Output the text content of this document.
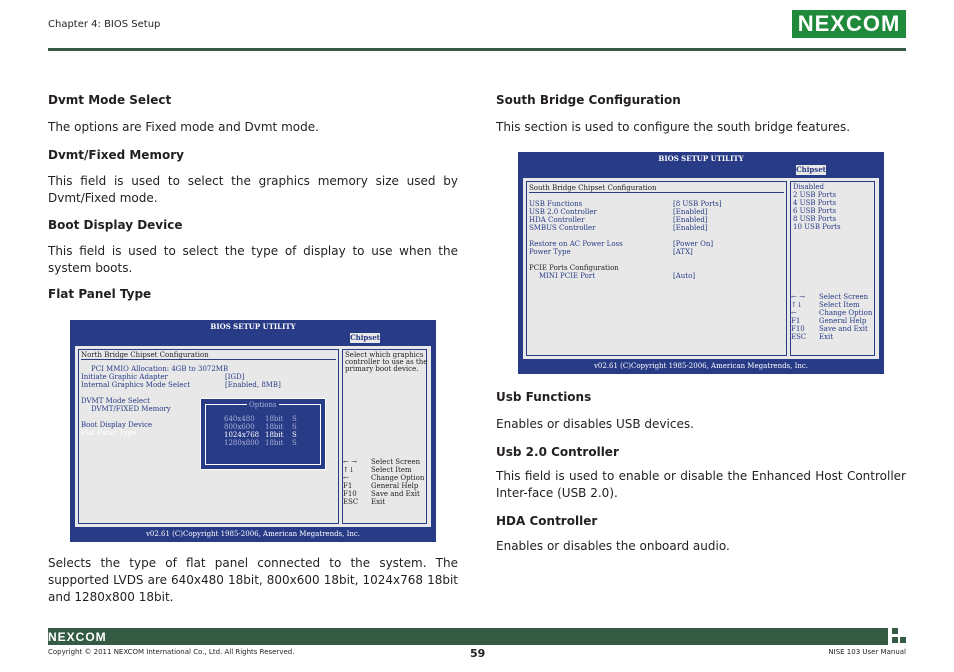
Chapter 4: BIOS Setup	NEXCOM
Dvmt Mode Select
The options are Fixed mode and Dvmt mode.
Dvmt/Fixed Memory
This field is used to select the graphics memory size used by Dvmt/Fixed mode.
Boot Display Device
This field is used to select the type of display to use when the system boots.
Flat Panel Type
BIOS SETUP UTILITY
Chipset
North Bridge Chipset Configuration
PCI MMIO Allocation: 4GB to 3072MB
Initiate Graphic Adapter	[IGD]
Internal Graphics Mode Select	[Enabled, 8MB]
DVMT Mode Select
DVMT/FIXED Memory
Boot Display Device
Flat Panel Type
Select which graphics
controller to use as the
primary boot device.
← → Select Screen
↑↓ Select Item
←	Change Option
F1	General Help
F10 Save and Exit
ESC Exit
Options
640x480 18bit S
800x600 18bit S
1024x768 18bit S
1280x800 18bit S
v02.61 (C)Copyright 1985-2006, American Megatrends, Inc.
Selects the type of flat panel connected to the system. The supported LVDS are 640x480 18bit, 800x600 18bit, 1024x768 18bit and 1280x800 18bit.
South Bridge Configuration
This section is used to configure the south bridge features.
BIOS SETUP UTILITY
Chipset
South Bridge Chipset Configuration
USB Functions	[8 USB Ports]
USB 2.0 Controller	[Enabled]
HDA Controller	[Enabled]
SMBUS Controller	[Enabled]
Restore on AC Power Loss	[Power On]
Power Type	[ATX]
PCIE Ports Configuration
MINI PCIE Port	[Auto]
Disabled
2 USB Ports
4 USB Ports
6 USB Ports
8 USB Ports
10 USB Ports
← → Select Screen
↑↓ Select Item
←	Change Option
F1	General Help
F10 Save and Exit
ESC Exit
v02.61 (C)Copyright 1985-2006, American Megatrends, Inc.
Usb Functions
Enables or disables USB devices.
Usb 2.0 Controller
This field is used to enable or disable the Enhanced Host Controller Inter-face (USB 2.0).
HDA Controller
Enables or disables the onboard audio.
NEXCOM
Copyright © 2011 NEXCOM International Co., Ltd. All Rights Reserved.	59	NISE 103 User Manual
